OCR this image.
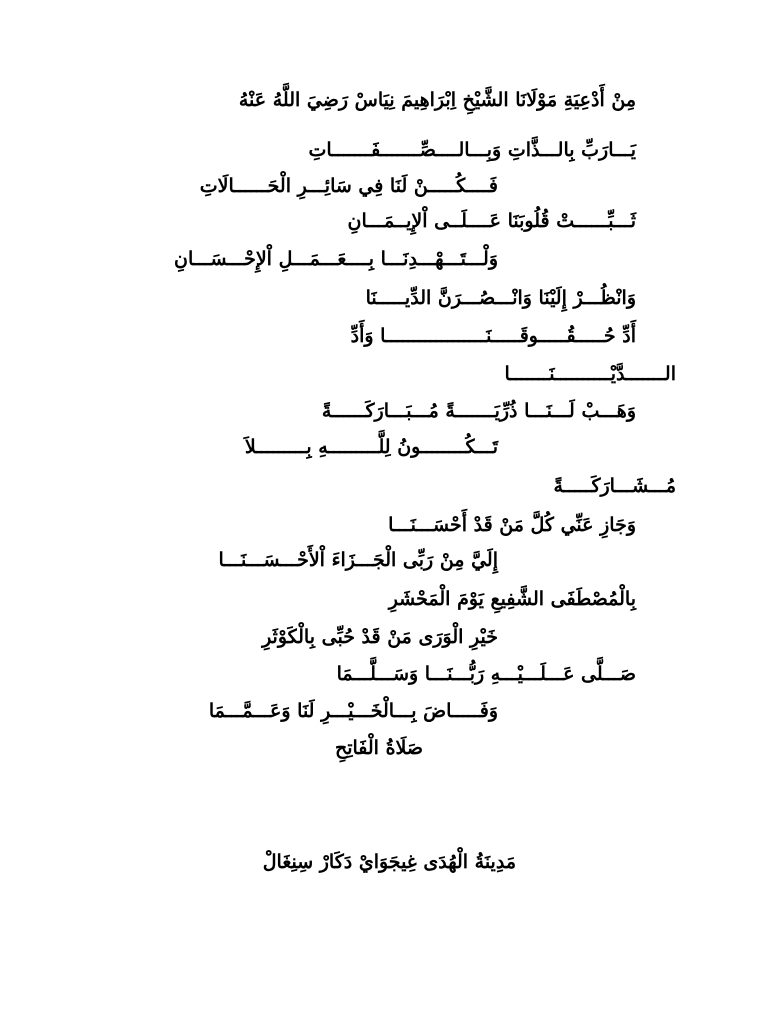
مِنْ أَدْعِيَةِ مَوْلَانَا الشَّيْخِ اِبْرَاهِيمَ نِيَاسْ رَضِيَ اللَّهُ عَنْهُ
يَـــارَبِّ بِالـــذَّاتِ وَبِـــالــــصِّـــــــفَـــــــاتِ
فَــــكُـــــنْ لَنَا فِي سَائِـــرِ الْحَــــــالَاتِ
ثَـــبِّــــــتْ قُلُوبَنَا عَــــلَــى اْلإِيــمَـــانِ
وَلْـــتَـــهْـــدِنَـــا بِــــعَـــمَـــلِ اْلإِحْـــسَـــانِ
وَانْظُـــرْ إِلَيْنَا وَانْـــصُـــرَنَّ الدِّيـــــنَا
أَدِّ حُـــــقُـــــوقَـــــنَــــــــــــــــــا وَأَدِّ
الـــــــدَّيْــــــــــنَـــــــا
وَهَـــبْ لَـــنَـــا ذُرِّيَـــــــةً مُـــبَـــارَكَــــــةً
تَـــكُــــــــونُ لِلَّـــــــــهِ بِـــــــــلاَ
مُـــشَـــارَكَـــــةً
وَجَازِ عَنِّي كُلَّ مَنْ قَدْ أَحْسَـــنَـــا
إِلَيَّ مِنْ رَبِّى الْجَـــزَاءَ اْلأَحْـــسَـــنَـــا
بِالْمُصْطَفَى الشَّفِيعِ يَوْمَ الْمَحْشَرِ
خَيْرِ الْوَرَى مَنْ قَدْ حُبِّى بِالْكَوْثَرِ
صَـــلَّى عَـــلَـــيْـــهِ رَبُّـــنَـــا وَسَـــلَّـــمَا
وَفَـــــاضَ بِـــالْخَـــيْـــرِ لَنَا وَعَـــمَّـــمَا
صَلَاةُ الْفَاتِحِ
مَدِينَةُ الْهُدَى غِيجَوَايْ دَكَارْ سِنِغَالْ
